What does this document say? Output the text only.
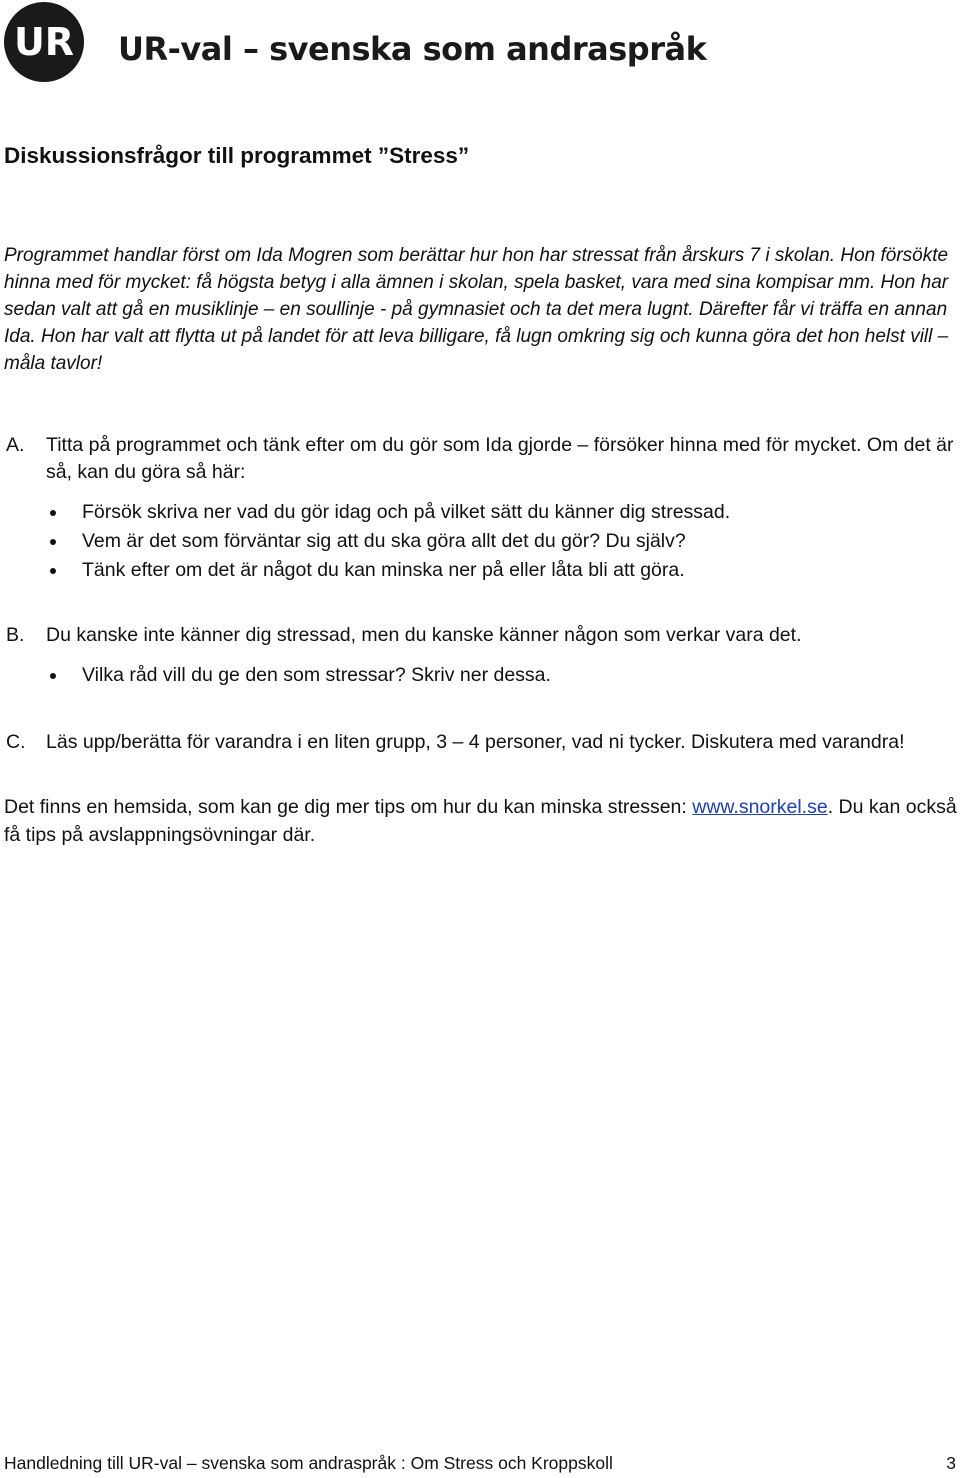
UR UR-val – svenska som andraspråk
Diskussionsfrågor till programmet ”Stress”

Programmet handlar först om Ida Mogren som berättar hur hon har stressat från årskurs 7 i skolan. Hon försökte hinna med för mycket: få högsta betyg i alla ämnen i skolan, spela basket, vara med sina kompisar mm. Hon har sedan valt att gå en musiklinje – en soullinje - på gymnasiet och ta det mera lugnt. Därefter får vi träffa en annan Ida. Hon har valt att flytta ut på landet för att leva billigare, få lugn omkring sig och kunna göra det hon helst vill – måla tavlor!

A. Titta på programmet och tänk efter om du gör som Ida gjorde – försöker hinna med för mycket. Om det är så, kan du göra så här:
Försök skriva ner vad du gör idag och på vilket sätt du känner dig stressad.
Vem är det som förväntar sig att du ska göra allt det du gör? Du själv?
Tänk efter om det är något du kan minska ner på eller låta bli att göra.
B. Du kanske inte känner dig stressad, men du kanske känner någon som verkar vara det.
Vilka råd vill du ge den som stressar? Skriv ner dessa.
C. Läs upp/berätta för varandra i en liten grupp, 3 – 4 personer, vad ni tycker. Diskutera med varandra!

Det finns en hemsida, som kan ge dig mer tips om hur du kan minska stressen: www.snorkel.se. Du kan också få tips på avslappningsövningar där.

Handledning till UR-val – svenska som andraspråk : Om Stress och Kroppskoll	3
